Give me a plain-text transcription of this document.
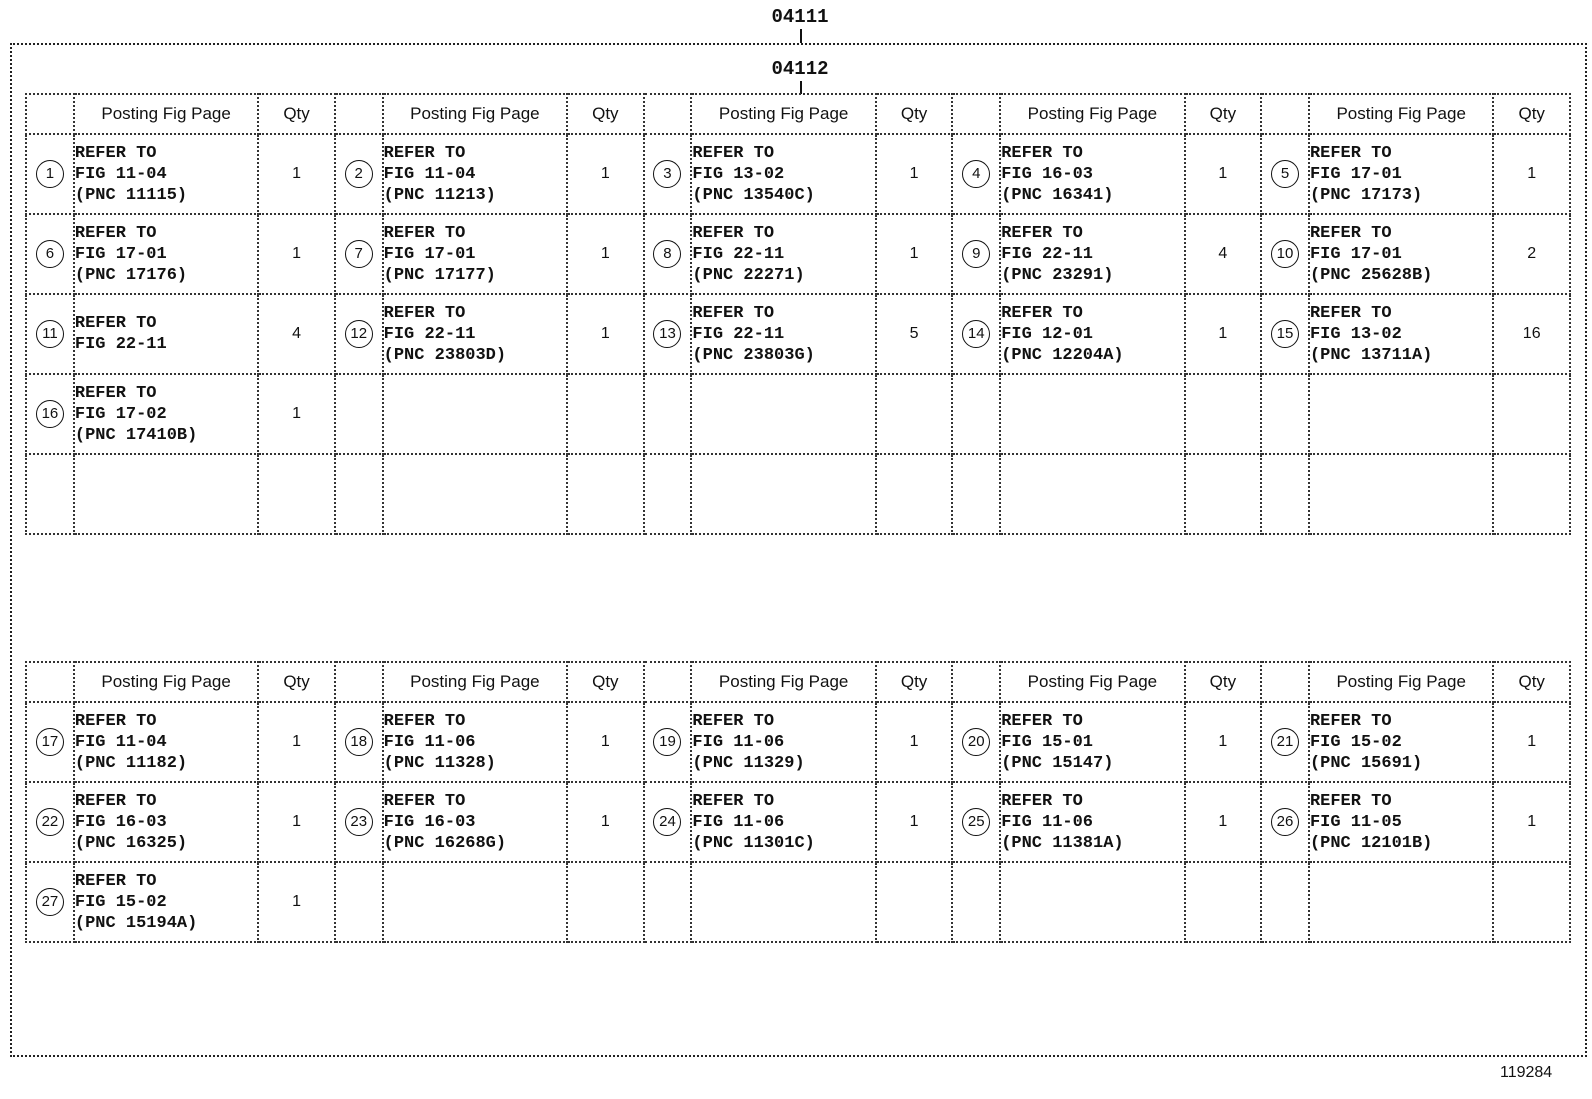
04111
04112
	Posting Fig Page	Qty		Posting Fig Page	Qty		Posting Fig Page	Qty		Posting Fig Page	Qty		Posting Fig Page	Qty
1	REFER TO
FIG 11-04
(PNC 11115)	1	2	REFER TO
FIG 11-04
(PNC 11213)	1	3	REFER TO
FIG 13-02
(PNC 13540C)	1	4	REFER TO
FIG 16-03
(PNC 16341)	1	5	REFER TO
FIG 17-01
(PNC 17173)	1
6	REFER TO
FIG 17-01
(PNC 17176)	1	7	REFER TO
FIG 17-01
(PNC 17177)	1	8	REFER TO
FIG 22-11
(PNC 22271)	1	9	REFER TO
FIG 22-11
(PNC 23291)	4	10	REFER TO
FIG 17-01
(PNC 25628B)	2
11	REFER TO
FIG 22-11	4	12	REFER TO
FIG 22-11
(PNC 23803D)	1	13	REFER TO
FIG 22-11
(PNC 23803G)	5	14	REFER TO
FIG 12-01
(PNC 12204A)	1	15	REFER TO
FIG 13-02
(PNC 13711A)	16
16	REFER TO
FIG 17-02
(PNC 17410B)	1												

	Posting Fig Page	Qty		Posting Fig Page	Qty		Posting Fig Page	Qty		Posting Fig Page	Qty		Posting Fig Page	Qty
17	REFER TO
FIG 11-04
(PNC 11182)	1	18	REFER TO
FIG 11-06
(PNC 11328)	1	19	REFER TO
FIG 11-06
(PNC 11329)	1	20	REFER TO
FIG 15-01
(PNC 15147)	1	21	REFER TO
FIG 15-02
(PNC 15691)	1
22	REFER TO
FIG 16-03
(PNC 16325)	1	23	REFER TO
FIG 16-03
(PNC 16268G)	1	24	REFER TO
FIG 11-06
(PNC 11301C)	1	25	REFER TO
FIG 11-06
(PNC 11381A)	1	26	REFER TO
FIG 11-05
(PNC 12101B)	1
27	REFER TO
FIG 15-02
(PNC 15194A)	1												
119284
